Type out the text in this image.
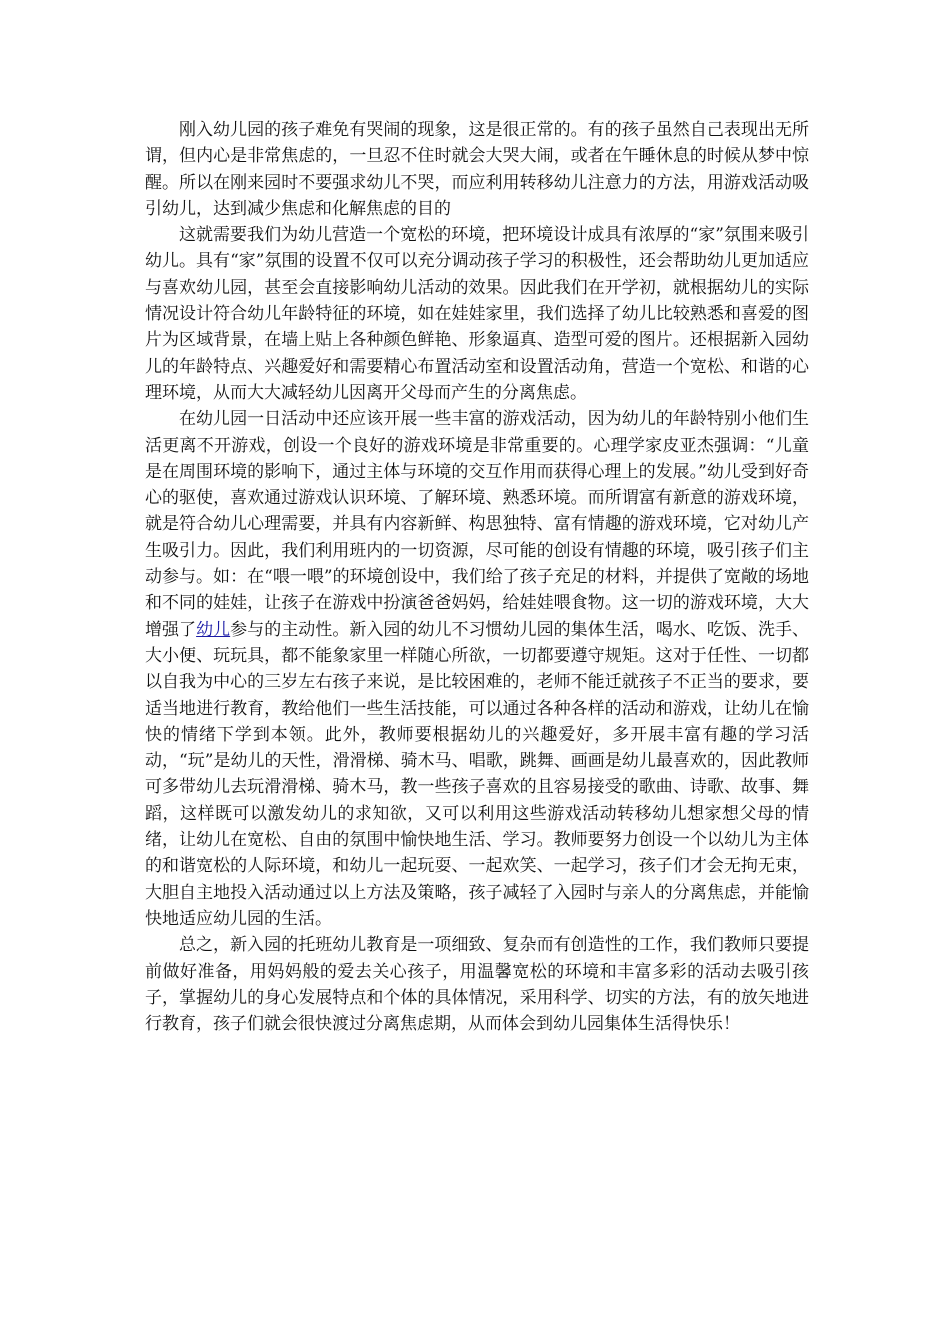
刚入幼儿园的孩子难免有哭闹的现象，这是很正常的。有的孩子虽然自己表现出无所谓，但内心是非常焦虑的，一旦忍不住时就会大哭大闹，或者在午睡休息的时候从梦中惊醒。所以在刚来园时不要强求幼儿不哭，而应利用转移幼儿注意力的方法，用游戏活动吸引幼儿，达到减少焦虑和化解焦虑的目的

这就需要我们为幼儿营造一个宽松的环境，把环境设计成具有浓厚的“家”氛围来吸引幼儿。具有“家”氛围的设置不仅可以充分调动孩子学习的积极性，还会帮助幼儿更加适应与喜欢幼儿园，甚至会直接影响幼儿活动的效果。因此我们在开学初，就根据幼儿的实际情况设计符合幼儿年龄特征的环境，如在娃娃家里，我们选择了幼儿比较熟悉和喜爱的图片为区域背景，在墙上贴上各种颜色鲜艳、形象逼真、造型可爱的图片。还根据新入园幼儿的年龄特点、兴趣爱好和需要精心布置活动室和设置活动角，营造一个宽松、和谐的心理环境，从而大大减轻幼儿因离开父母而产生的分离焦虑。

在幼儿园一日活动中还应该开展一些丰富的游戏活动，因为幼儿的年龄特别小他们生活更离不开游戏，创设一个良好的游戏环境是非常重要的。心理学家皮亚杰强调：“儿童是在周围环境的影响下，通过主体与环境的交互作用而获得心理上的发展。”幼儿受到好奇心的驱使，喜欢通过游戏认识环境、了解环境、熟悉环境。而所谓富有新意的游戏环境，就是符合幼儿心理需要，并具有内容新鲜、构思独特、富有情趣的游戏环境，它对幼儿产生吸引力。因此，我们利用班内的一切资源，尽可能的创设有情趣的环境，吸引孩子们主动参与。如：在“喂一喂”的环境创设中，我们给了孩子充足的材料，并提供了宽敞的场地和不同的娃娃，让孩子在游戏中扮演爸爸妈妈，给娃娃喂食物。这一切的游戏环境，大大增强了幼儿参与的主动性。新入园的幼儿不习惯幼儿园的集体生活，喝水、吃饭、洗手、大小便、玩玩具，都不能象家里一样随心所欲，一切都要遵守规矩。这对于任性、一切都以自我为中心的三岁左右孩子来说，是比较困难的，老师不能迁就孩子不正当的要求，要适当地进行教育，教给他们一些生活技能，可以通过各种各样的活动和游戏，让幼儿在愉快的情绪下学到本领。此外，教师要根据幼儿的兴趣爱好，多开展丰富有趣的学习活动，“玩”是幼儿的天性，滑滑梯、骑木马、唱歌，跳舞、画画是幼儿最喜欢的，因此教师可多带幼儿去玩滑滑梯、骑木马，教一些孩子喜欢的且容易接受的歌曲、诗歌、故事、舞蹈，这样既可以激发幼儿的求知欲，又可以利用这些游戏活动转移幼儿想家想父母的情绪，让幼儿在宽松、自由的氛围中愉快地生活、学习。教师要努力创设一个以幼儿为主体的和谐宽松的人际环境，和幼儿一起玩耍、一起欢笑、一起学习，孩子们才会无拘无束，大胆自主地投入活动通过以上方法及策略，孩子减轻了入园时与亲人的分离焦虑，并能愉快地适应幼儿园的生活。

总之，新入园的托班幼儿教育是一项细致、复杂而有创造性的工作，我们教师只要提前做好准备，用妈妈般的爱去关心孩子，用温馨宽松的环境和丰富多彩的活动去吸引孩子，掌握幼儿的身心发展特点和个体的具体情况，采用科学、切实的方法，有的放矢地进行教育，孩子们就会很快渡过分离焦虑期，从而体会到幼儿园集体生活得快乐！
